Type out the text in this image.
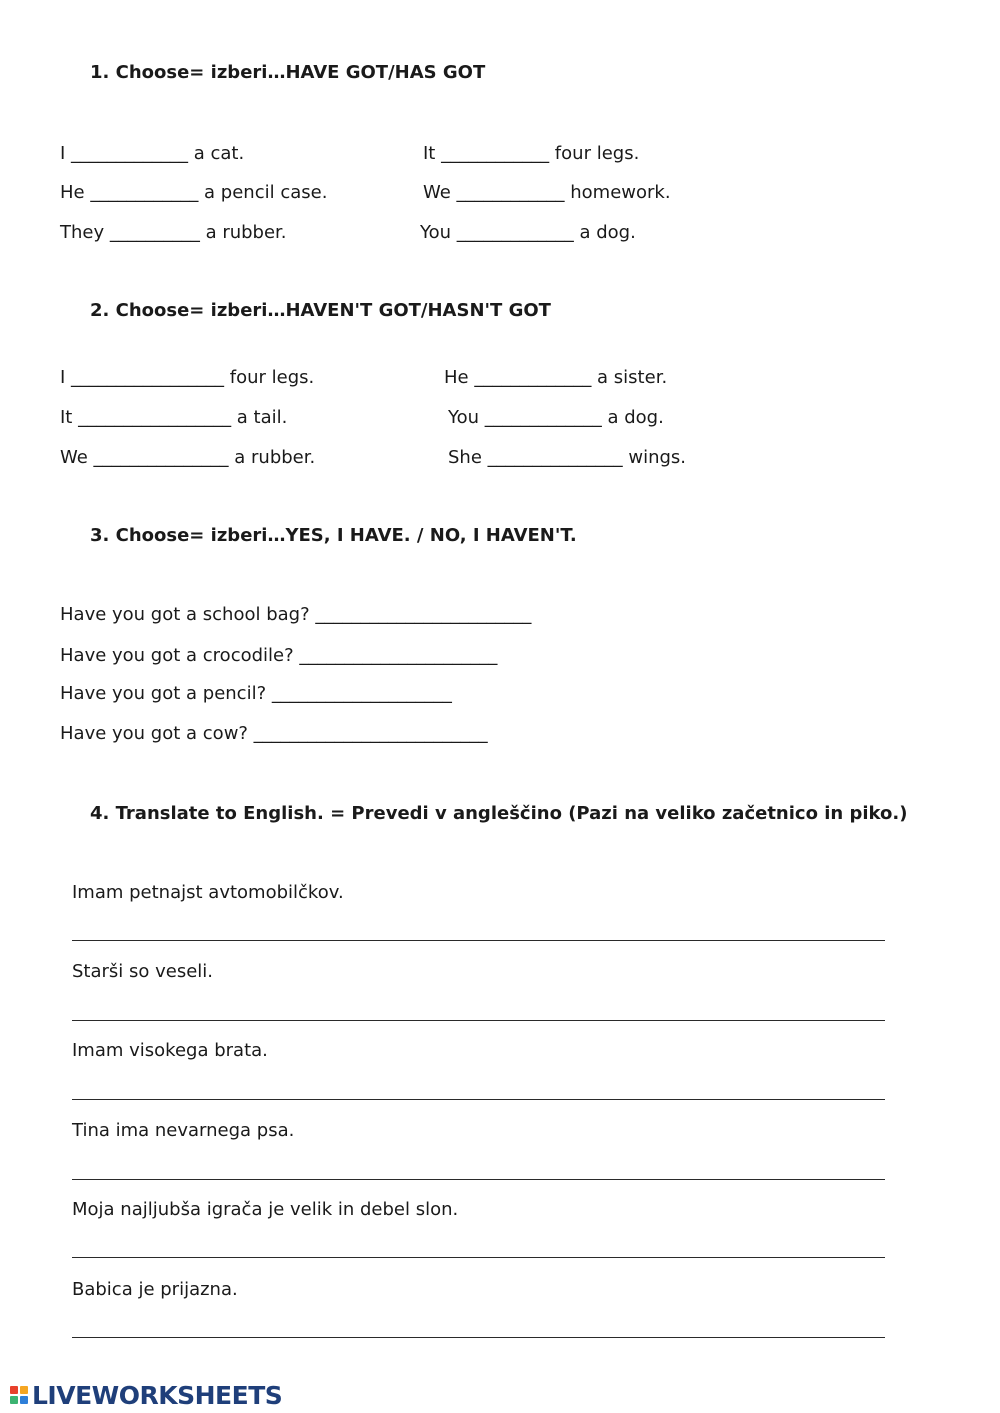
1. Choose= izberi…HAVE GOT/HAS GOT
I _____________ a cat.
He ____________ a pencil case.
They __________ a rubber.
It ____________ four legs.
We ____________ homework.
You _____________ a dog.
2. Choose= izberi…HAVEN'T GOT/HASN'T GOT
I _________________ four legs.
It _________________ a tail.
We _______________ a rubber.
He _____________ a sister.
You _____________ a dog.
She _______________ wings.
3. Choose= izberi…YES, I HAVE. / NO, I HAVEN'T.
Have you got a school bag? ________________________
Have you got a crocodile? ______________________
Have you got a pencil? ____________________
Have you got a cow? __________________________
4. Translate to English. = Prevedi v angleščino (Pazi na veliko začetnico in piko.)
Imam petnajst avtomobilčkov.
Starši so veseli.
Imam visokega brata.
Tina ima nevarnega psa.
Moja najljubša igrača je velik in debel slon.
Babica je prijazna.
LIVEWORKSHEETS
